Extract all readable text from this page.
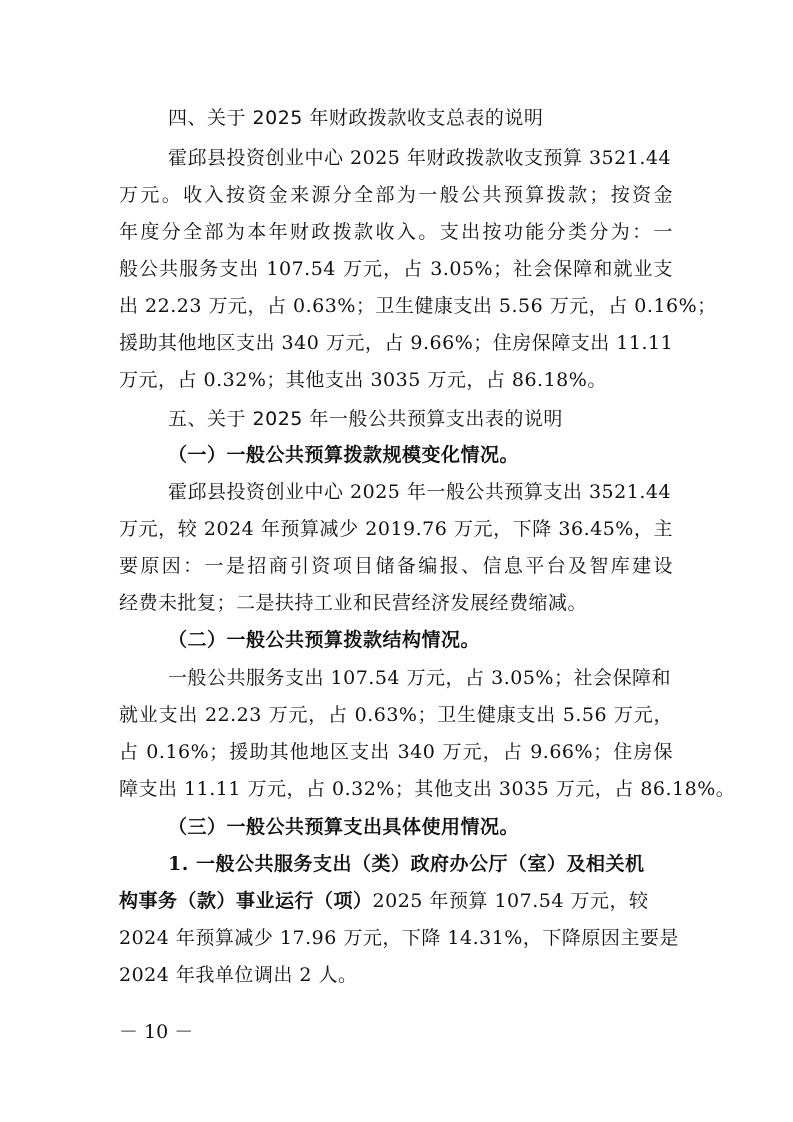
四、关于 2025 年财政拨款收支总表的说明
霍邱县投资创业中心 2025 年财政拨款收支预算 3521.44
万元。收入按资金来源分全部为一般公共预算拨款；按资金
年度分全部为本年财政拨款收入。支出按功能分类分为：一
般公共服务支出 107.54 万元，占 3.05%；社会保障和就业支
出 22.23 万元，占 0.63%；卫生健康支出 5.56 万元，占 0.16%；
援助其他地区支出 340 万元，占 9.66%；住房保障支出 11.11
万元，占 0.32%；其他支出 3035 万元，占 86.18%。
五、关于 2025 年一般公共预算支出表的说明
（一）一般公共预算拨款规模变化情况。
霍邱县投资创业中心 2025 年一般公共预算支出 3521.44
万元，较 2024 年预算减少 2019.76 万元，下降 36.45%，主
要原因：一是招商引资项目储备编报、信息平台及智库建设
经费未批复；二是扶持工业和民营经济发展经费缩减。
（二）一般公共预算拨款结构情况。
一般公共服务支出 107.54 万元，占 3.05%；社会保障和
就业支出 22.23 万元，占 0.63%；卫生健康支出 5.56 万元，
占 0.16%；援助其他地区支出 340 万元，占 9.66%；住房保
障支出 11.11 万元，占 0.32%；其他支出 3035 万元，占 86.18%。
（三）一般公共预算支出具体使用情况。
1. 一般公共服务支出（类）政府办公厅（室）及相关机
构事务（款）事业运行（项）2025 年预算 107.54 万元，较
2024 年预算减少 17.96 万元，下降 14.31%，下降原因主要是
2024 年我单位调出 2 人。
－ 10 －
